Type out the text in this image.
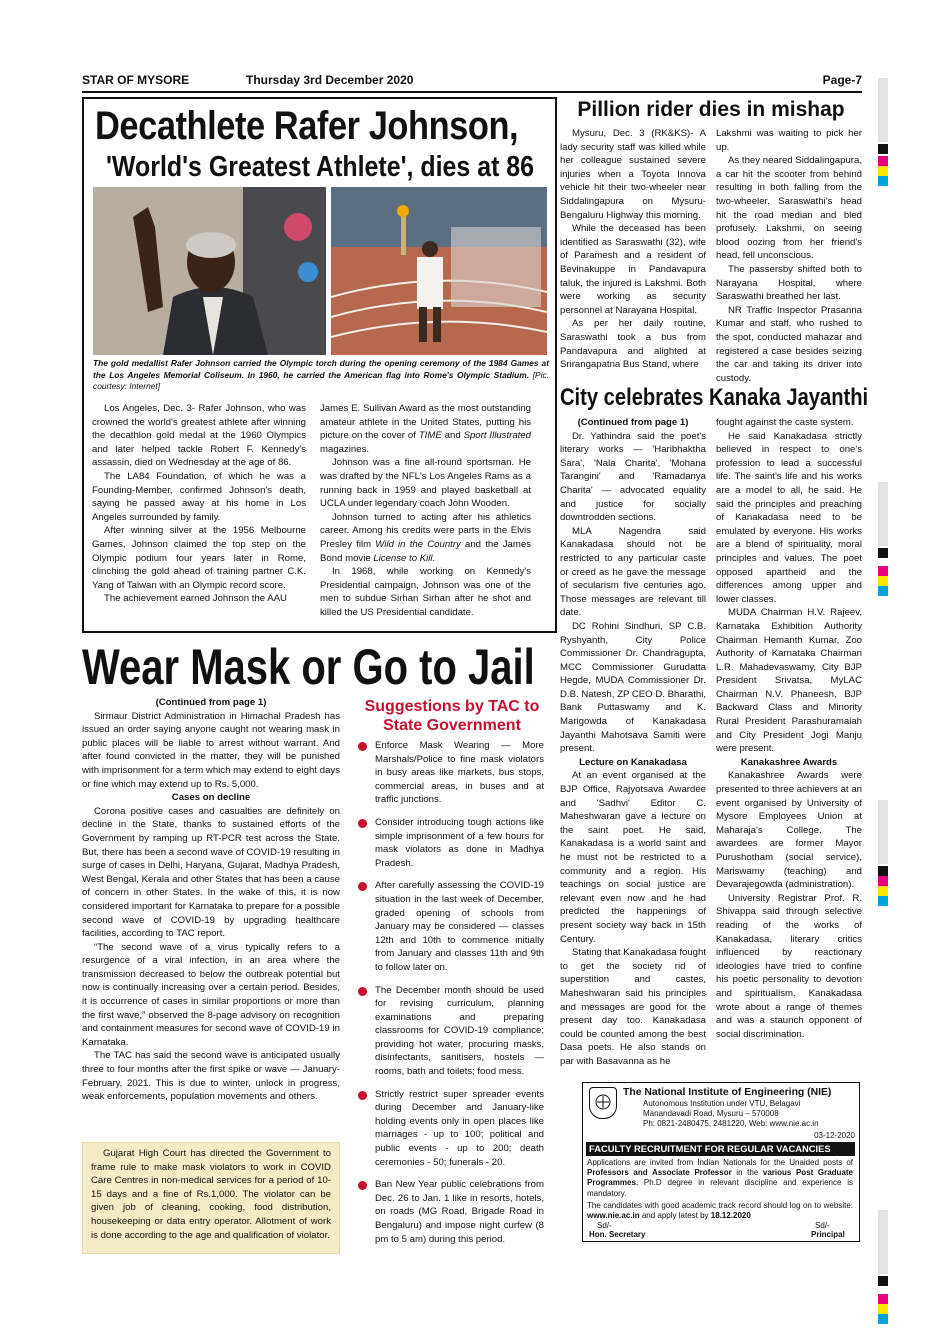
STAR OF MYSORE	Thursday 3rd December 2020	Page-7
Decathlete Rafer Johnson,
'World's Greatest Athlete', dies at 86
The gold medallist Rafer Johnson carried the Olympic torch during the opening ceremony of the 1984 Games at the Los Angeles Memorial Coliseum. In 1960, he carried the American flag into Rome's Olympic Stadium. [Pic. courtesy: Internet]

Los Angeles, Dec. 3- Rafer Johnson, who was crowned the world's greatest athlete after winning the decathlon gold medal at the 1960 Olympics and later helped tackle Robert F. Kennedy's assassin, died on Wednesday at the age of 86.

The LA84 Foundation, of which he was a Founding-Member, confirmed Johnson's death, saying he passed away at his home in Los Angeles surrounded by family.

After winning silver at the 1956 Melbourne Games, Johnson claimed the top step on the Olympic podium four years later in Rome, clinching the gold ahead of training partner C.K. Yang of Taiwan with an Olympic record score.

The achievement earned Johnson the AAU

James E. Sullivan Award as the most outstanding amateur athlete in the United States, putting his picture on the cover of TIME and Sport Illustrated magazines.

Johnson was a fine all-round sportsman. He was drafted by the NFL's Los Angeles Rams as a running back in 1959 and played basketball at UCLA under legendary coach John Wooden.

Johnson turned to acting after his athletics career. Among his credits were parts in the Elvis Presley film Wild in the Country and the James Bond movie License to Kill.

In 1968, while working on Kennedy's Presidential campaign, Johnson was one of the men to subdue Sirhan Sirhan after he shot and killed the US Presidential candidate.

Pillion rider dies in mishap

Mysuru, Dec. 3 (RK&KS)- A lady security staff was killed while her colleague sustained severe injuries when a Toyota Innova vehicle hit their two-wheeler near Siddalingapura on Mysuru-Bengaluru Highway this morning.

While the deceased has been identified as Saraswathi (32), wife of Paramesh and a resident of Bevinakuppe in Pandavapura taluk, the injured is Lakshmi. Both were working as security personnel at Narayana Hospital.

As per her daily routine, Saraswathi took a bus from Pandavapura and alighted at Srirangapatna Bus Stand, where

Lakshmi was waiting to pick her up.

As they neared Siddalingapura, a car hit the scooter from behind resulting in both falling from the two-wheeler. Saraswathi's head hit the road median and bled profusely. Lakshmi, on seeing blood oozing from her friend's head, fell unconscious.

The passersby shifted both to Narayana Hospital, where Saraswathi breathed her last.

NR Traffic Inspector Prasanna Kumar and staff, who rushed to the spot, conducted mahazar and registered a case besides seizing the car and taking its driver into custody.

City celebrates Kanaka Jayanthi

(Continued from page 1)

Dr. Yathindra said the poet's literary works — 'Haribhaktha Sara', 'Nala Charita', 'Mohana Tarangini' and 'Ramadanya Charita' — advocated equality and justice for socially downtrodden sections.

MLA Nagendra said Kanakadasa should not be restricted to any particular caste or creed as he gave the message of secularism five centuries ago. Those messages are relevant till date.

DC Rohini Sindhuri, SP C.B. Ryshyanth, City Police Commissioner Dr. Chandragupta, MCC Commissioner Gurudatta Hegde, MUDA Commissioner Dr. D.B. Natesh, ZP CEO D. Bharathi, Bank Puttaswamy and K. Marigowda of Kanakadasa Jayanthi Mahotsava Samiti were present.

Lecture on Kanakadasa

At an event organised at the BJP Office, Rajyotsava Awardee and 'Sadhvi' Editor C. Maheshwaran gave a lecture on the saint poet. He said, Kanakadasa is a world saint and he must not be restricted to a community and a region. His teachings on social justice are relevant even now and he had predicted the happenings of present society way back in 15th Century.

Stating that Kanakadasa fought to get the society rid of superstition and castes, Maheshwaran said his principles and messages are good for the present day too. Kanakadasa could be counted among the best Dasa poets. He also stands on par with Basavanna as he

fought against the caste system.

He said Kanakadasa strictly believed in respect to one's profession to lead a successful life. The saint's life and his works are a model to all, he said. He said the principles and preaching of Kanakadasa need to be emulated by everyone. His works are a blend of spirituality, moral principles and values. The poet opposed apartheid and the differences among upper and lower classes.

MUDA Chairman H.V. Rajeev, Karnataka Exhibition Authority Chairman Hemanth Kumar, Zoo Authority of Karnataka Chairman L.R. Mahadevaswamy, City BJP President Srivatsa, MyLAC Chairman N.V. Phaneesh, BJP Backward Class and Minority Rural President Parashuramaiah and City President Jogi Manju were present.

Kanakashree Awards

Kanakashree Awards were presented to three achievers at an event organised by University of Mysore Employees Union at Maharaja's College. The awardees are former Mayor Purushotham (social service), Mariswamy (teaching) and Devarajegowda (administration).

University Registrar Prof. R. Shivappa said through selective reading of the works of Kanakadasa, literary critics influenced by reactionary ideologies have tried to confine his poetic personality to devotion and spiritualism. Kanakadasa wrote about a range of themes and was a staunch opponent of social discrimination.

The National Institute of Engineering (NIE)
Autonomous Institution under VTU, Belagavi
Manandavadi Road, Mysuru – 570008
Ph: 0821-2480475, 2481220, Web: www.nie.ac.in
03-12-2020
FACULTY RECRUITMENT FOR REGULAR VACANCIES
Applications are invited from Indian Nationals for the Unaided posts of Professors and Associate Professor in the various Post Graduate Programmes. Ph.D degree in relevant discipline and experience is mandatory.
The candidates with good academic track record should log on to website: www.nie.ac.in and apply latest by 18.12.2020
Sd/-
Hon. Secretary
Sd/-
Principal
Wear Mask or Go to Jail

(Continued from page 1)

Sirmaur District Administration in Himachal Pradesh has issued an order saying anyone caught not wearing mask in public places will be liable to arrest without warrant. And after found convicted in the matter, they will be punished with imprisonment for a term which may extend to eight days or fine which may extend up to Rs. 5,000.

Cases on decline

Corona positive cases and casualties are definitely on decline in the State, thanks to sustained efforts of the Government by ramping up RT-PCR test across the State. But, there has been a second wave of COVID-19 resulting in surge of cases in Delhi, Haryana, Gujarat, Madhya Pradesh, West Bengal, Kerala and other States that has been a cause of concern in other States. In the wake of this, it is now considered important for Karnataka to prepare for a possible second wave of COVID-19 by upgrading healthcare facilities, according to TAC report.

“The second wave of a virus typically refers to a resurgence of a viral infection, in an area where the transmission decreased to below the outbreak potential but now is continually increasing over a certain period. Besides, it is occurrence of cases in similar proportions or more than the first wave,” observed the 8-page advisory on recognition and containment measures for second wave of COVID-19 in Karnataka.

The TAC has said the second wave is anticipated usually three to four months after the first spike or wave — January-February, 2021. This is due to winter, unlock in progress, weak enforcements, population movements and others.

Gujarat High Court has directed the Government to frame rule to make mask violators to work in COVID Care Centres in non-medical services for a period of 10-15 days and a fine of Rs.1,000. The violator can be given job of cleaning, cooking, food distribution, housekeeping or data entry operator. Allotment of work is done according to the age and qualification of violator.
Suggestions by TAC to
State Government
Enforce Mask Wearing — More Marshals/Police to fine mask violators in busy areas like markets, bus stops, commercial areas, in buses and at traffic junctions.
Consider introducing tough actions like simple imprisonment of a few hours for mask violators as done in Madhya Pradesh.
After carefully assessing the COVID-19 situation in the last week of December, graded opening of schools from January may be considered — classes 12th and 10th to commence initially from January and classes 11th and 9th to follow later on.
The December month should be used for revising curriculum, planning examinations and preparing classrooms for COVID-19 compliance; providing hot water, procuring masks, disinfectants, sanitisers, hostels — rooms, bath and toilets; food mess.
Strictly restrict super spreader events during December and January-like holding events only in open places like marriages - up to 100; political and public events - up to 200; death ceremonies - 50; funerals - 20.
Ban New Year public celebrations from Dec. 26 to Jan. 1 like in resorts, hotels, on roads (MG Road, Brigade Road in Bengaluru) and impose night curfew (8 pm to 5 am) during this period.
